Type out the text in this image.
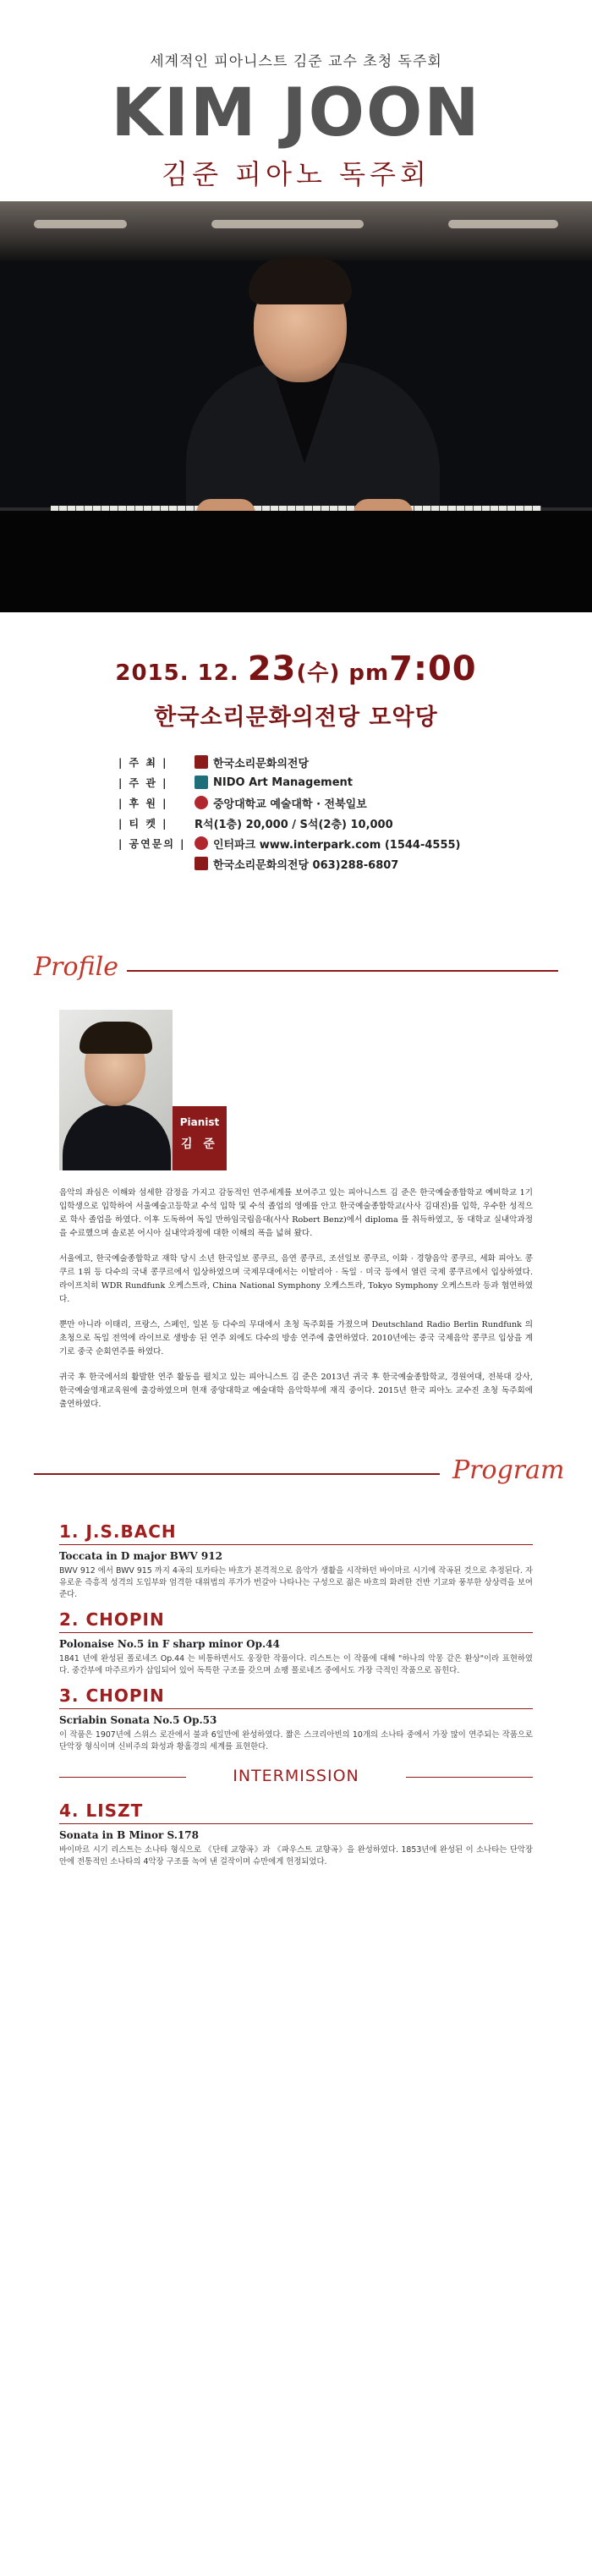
세계적인 피아니스트 김준 교수 초청 독주회
KIM JOON
김준 피아노 독주회
2015. 12. 23(수) pm7:00
한국소리문화의전당 모악당
| 주 최 |	한국소리문화의전당
| 주 관 |	NIDO Art Management
| 후 원 |	중앙대학교 예술대학 · 전북일보
| 티 켓 |	R석(1층) 20,000 / S석(2층) 10,000
| 공연문의 |	인터파크 www.interpark.com (1544-4555)
한국소리문화의전당 063)288-6807
Profile
Pianist
김 준

음악의 좌심은 이해와 섬세한 감정을 가지고 감동적인 연주세계를 보여주고 있는 피아니스트 김 준은 한국예술종합학교 예비학교 1기 입학생으로 입학하여 서울예술고등학교 수석 입학 및 수석 졸업의 영예를 안고 한국예술종합학교(사사 김대진)를 입학, 우수한 성적으로 학사 졸업을 하였다. 이후 도독하여 독일 만하임국립음대(사사 Robert Benz)에서 diploma 를 취득하였고, 동 대학교 실내악과정을 수료했으며 솔로본 어시아 실내악과정에 대한 이해의 폭을 넓혀 왔다.

서울에고, 한국예술종합학교 재학 당시 소년 한국일보 콩쿠르, 음연 콩쿠르, 조선일보 콩쿠르, 이화 · 경향음악 콩쿠르, 세화 피아노 콩쿠르 1위 등 다수의 국내 콩쿠르에서 입상하였으며 국제무대에서는 이탈리아 · 독일 · 미국 등에서 열린 국제 콩쿠르에서 입상하였다. 라이프치히 WDR Rundfunk 오케스트라, China National Symphony 오케스트라, Tokyo Symphony 오케스트라 등과 협연하였다.

뿐만 아니라 이태리, 프랑스, 스페인, 일본 등 다수의 무대에서 초청 독주회를 가졌으며 Deutschland Radio Berlin Rundfunk 의 초청으로 독일 전역에 라이브로 생방송 된 연주 외에도 다수의 방송 연주에 출연하였다. 2010년에는 중국 국제음악 콩쿠르 입상을 계기로 중국 순회연주를 하였다.

귀국 후 한국에서의 활발한 연주 활동을 펼치고 있는 피아니스트 김 준은 2013년 귀국 후 한국예술종합학교, 경원여대, 전북대 강사, 한국예술영재교육원에 출강하였으며 현재 중앙대학교 예술대학 음악학부에 재직 중이다. 2015년 한국 피아노 교수진 초청 독주회에 출연하였다.

Program
1. J.S.BACH
Toccata in D major BWV 912
BWV 912 에서 BWV 915 까지 4곡의 토카타는 바흐가 본격적으로 음악가 생활을 시작하던 바이마르 시기에 작곡된 것으로 추정된다. 자유로운 즉흥적 성격의 도입부와 엄격한 대위법의 푸가가 번갈아 나타나는 구성으로 젊은 바흐의 화려한 건반 기교와 풍부한 상상력을 보여준다.
2. CHOPIN
Polonaise No.5 in F sharp minor Op.44
1841 년에 완성된 폴로네즈 Op.44 는 비통하면서도 웅장한 작품이다. 리스트는 이 작품에 대해 "하나의 악몽 같은 환상"이라 표현하였다. 중간부에 마주르카가 삽입되어 있어 독특한 구조를 갖으며 쇼팽 폴로네즈 중에서도 가장 극적인 작품으로 꼽힌다.
3. CHOPIN
Scriabin Sonata No.5 Op.53
이 작품은 1907년에 스위스 로잔에서 불과 6일만에 완성하였다. 짧은 스크리아빈의 10개의 소나타 중에서 가장 많이 연주되는 작품으로 단악장 형식이며 신비주의 화성과 황홀경의 세계를 표현한다.
INTERMISSION
4. LISZT
Sonata in B Minor S.178
바이마르 시기 리스트는 소나타 형식으로 《단테 교향곡》과 《파우스트 교향곡》을 완성하였다. 1853년에 완성된 이 소나타는 단악장 안에 전통적인 소나타의 4악장 구조를 녹여 낸 걸작이며 슈만에게 헌정되었다.
